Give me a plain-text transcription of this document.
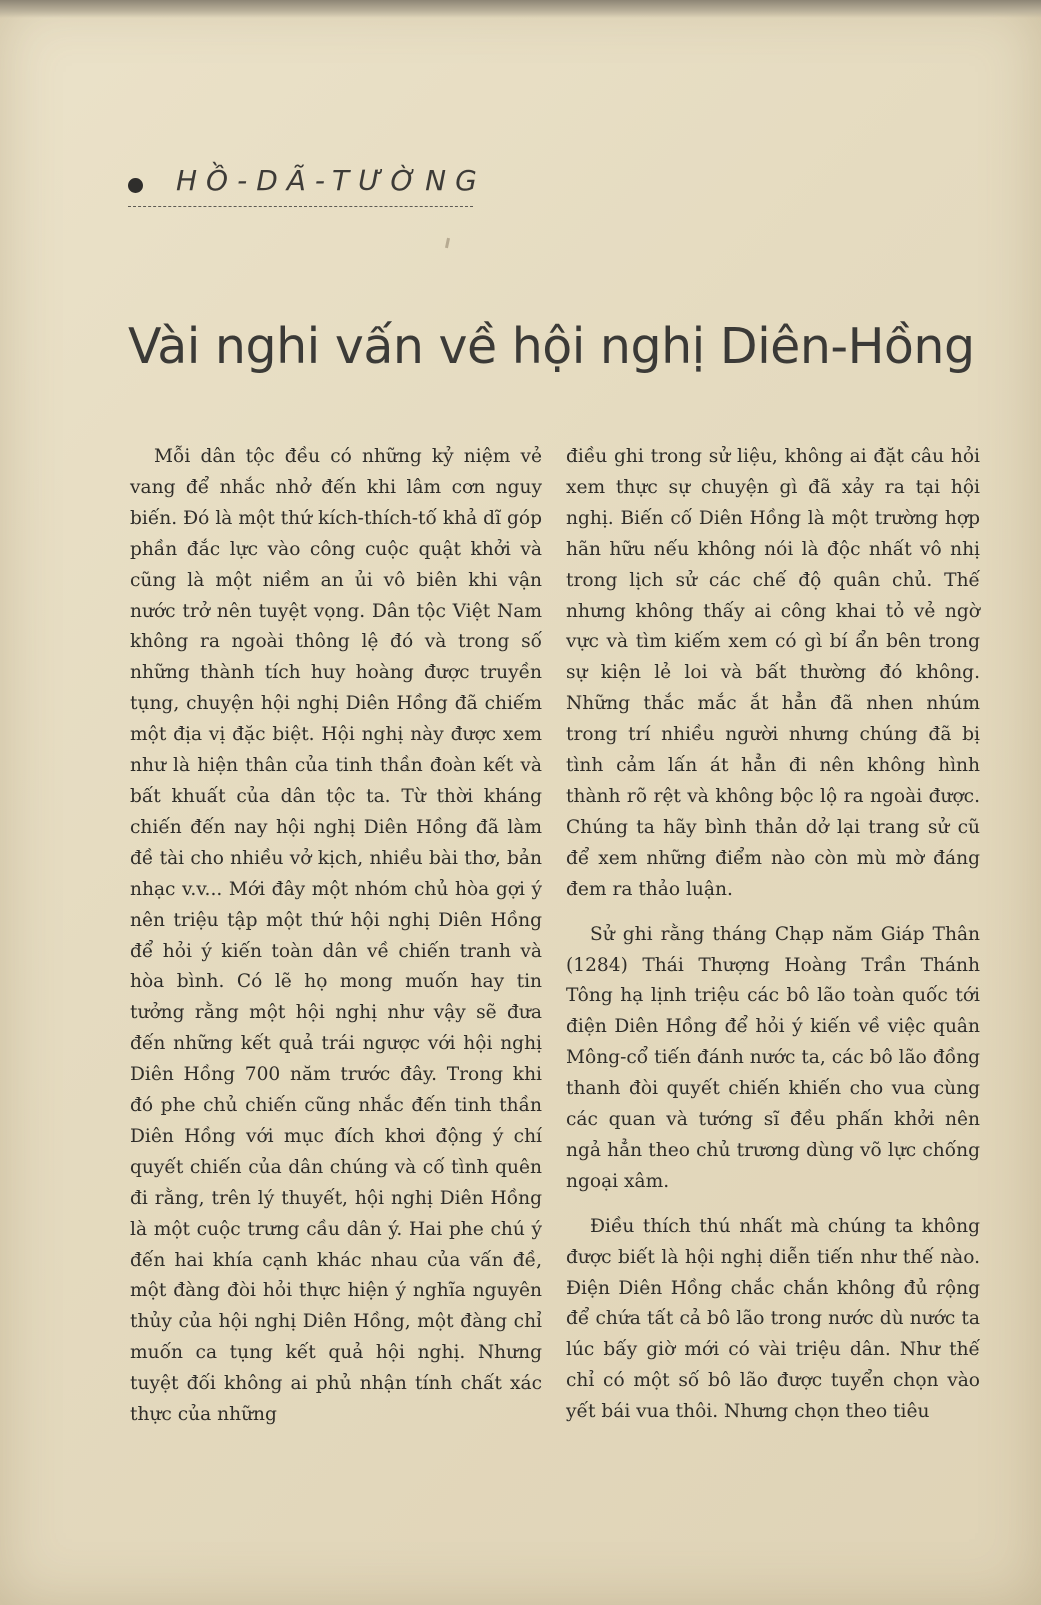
HỒ-DÃ-TƯỜNG
Vài nghi vấn về hội nghị Diên-Hồng

Mỗi dân tộc đều có những kỷ niệm vẻ vang để nhắc nhở đến khi lâm cơn nguy biến. Đó là một thứ kích-thích-tố khả dĩ góp phần đắc lực vào công cuộc quật khởi và cũng là một niềm an ủi vô biên khi vận nước trở nên tuyệt vọng. Dân tộc Việt Nam không ra ngoài thông lệ đó và trong số những thành tích huy hoàng được truyền tụng, chuyện hội nghị Diên Hồng đã chiếm một địa vị đặc biệt. Hội nghị này được xem như là hiện thân của tinh thần đoàn kết và bất khuất của dân tộc ta. Từ thời kháng chiến đến nay hội nghị Diên Hồng đã làm đề tài cho nhiều vở kịch, nhiều bài thơ, bản nhạc v.v... Mới đây một nhóm chủ hòa gợi ý nên triệu tập một thứ hội nghị Diên Hồng để hỏi ý kiến toàn dân về chiến tranh và hòa bình. Có lẽ họ mong muốn hay tin tưởng rằng một hội nghị như vậy sẽ đưa đến những kết quả trái ngược với hội nghị Diên Hồng 700 năm trước đây. Trong khi đó phe chủ chiến cũng nhắc đến tinh thần Diên Hồng với mục đích khơi động ý chí quyết chiến của dân chúng và cố tình quên đi rằng, trên lý thuyết, hội nghị Diên Hồng là một cuộc trưng cầu dân ý. Hai phe chú ý đến hai khía cạnh khác nhau của vấn đề, một đàng đòi hỏi thực hiện ý nghĩa nguyên thủy của hội nghị Diên Hồng, một đàng chỉ muốn ca tụng kết quả hội nghị. Nhưng tuyệt đối không ai phủ nhận tính chất xác thực của những

điều ghi trong sử liệu, không ai đặt câu hỏi xem thực sự chuyện gì đã xảy ra tại hội nghị. Biến cố Diên Hồng là một trường hợp hãn hữu nếu không nói là độc nhất vô nhị trong lịch sử các chế độ quân chủ. Thế nhưng không thấy ai công khai tỏ vẻ ngờ vực và tìm kiếm xem có gì bí ẩn bên trong sự kiện lẻ loi và bất thường đó không. Những thắc mắc ắt hẳn đã nhen nhúm trong trí nhiều người nhưng chúng đã bị tình cảm lấn át hẳn đi nên không hình thành rõ rệt và không bộc lộ ra ngoài được. Chúng ta hãy bình thản dở lại trang sử cũ để xem những điểm nào còn mù mờ đáng đem ra thảo luận.

Sử ghi rằng tháng Chạp năm Giáp Thân (1284) Thái Thượng Hoàng Trần Thánh Tông hạ lịnh triệu các bô lão toàn quốc tới điện Diên Hồng để hỏi ý kiến về việc quân Mông-cổ tiến đánh nước ta, các bô lão đồng thanh đòi quyết chiến khiến cho vua cùng các quan và tướng sĩ đều phấn khởi nên ngả hẳn theo chủ trương dùng võ lực chống ngoại xâm.

Điều thích thú nhất mà chúng ta không được biết là hội nghị diễn tiến như thế nào. Điện Diên Hồng chắc chắn không đủ rộng để chứa tất cả bô lão trong nước dù nước ta lúc bấy giờ mới có vài triệu dân. Như thế chỉ có một số bô lão được tuyển chọn vào yết bái vua thôi. Nhưng chọn theo tiêu
